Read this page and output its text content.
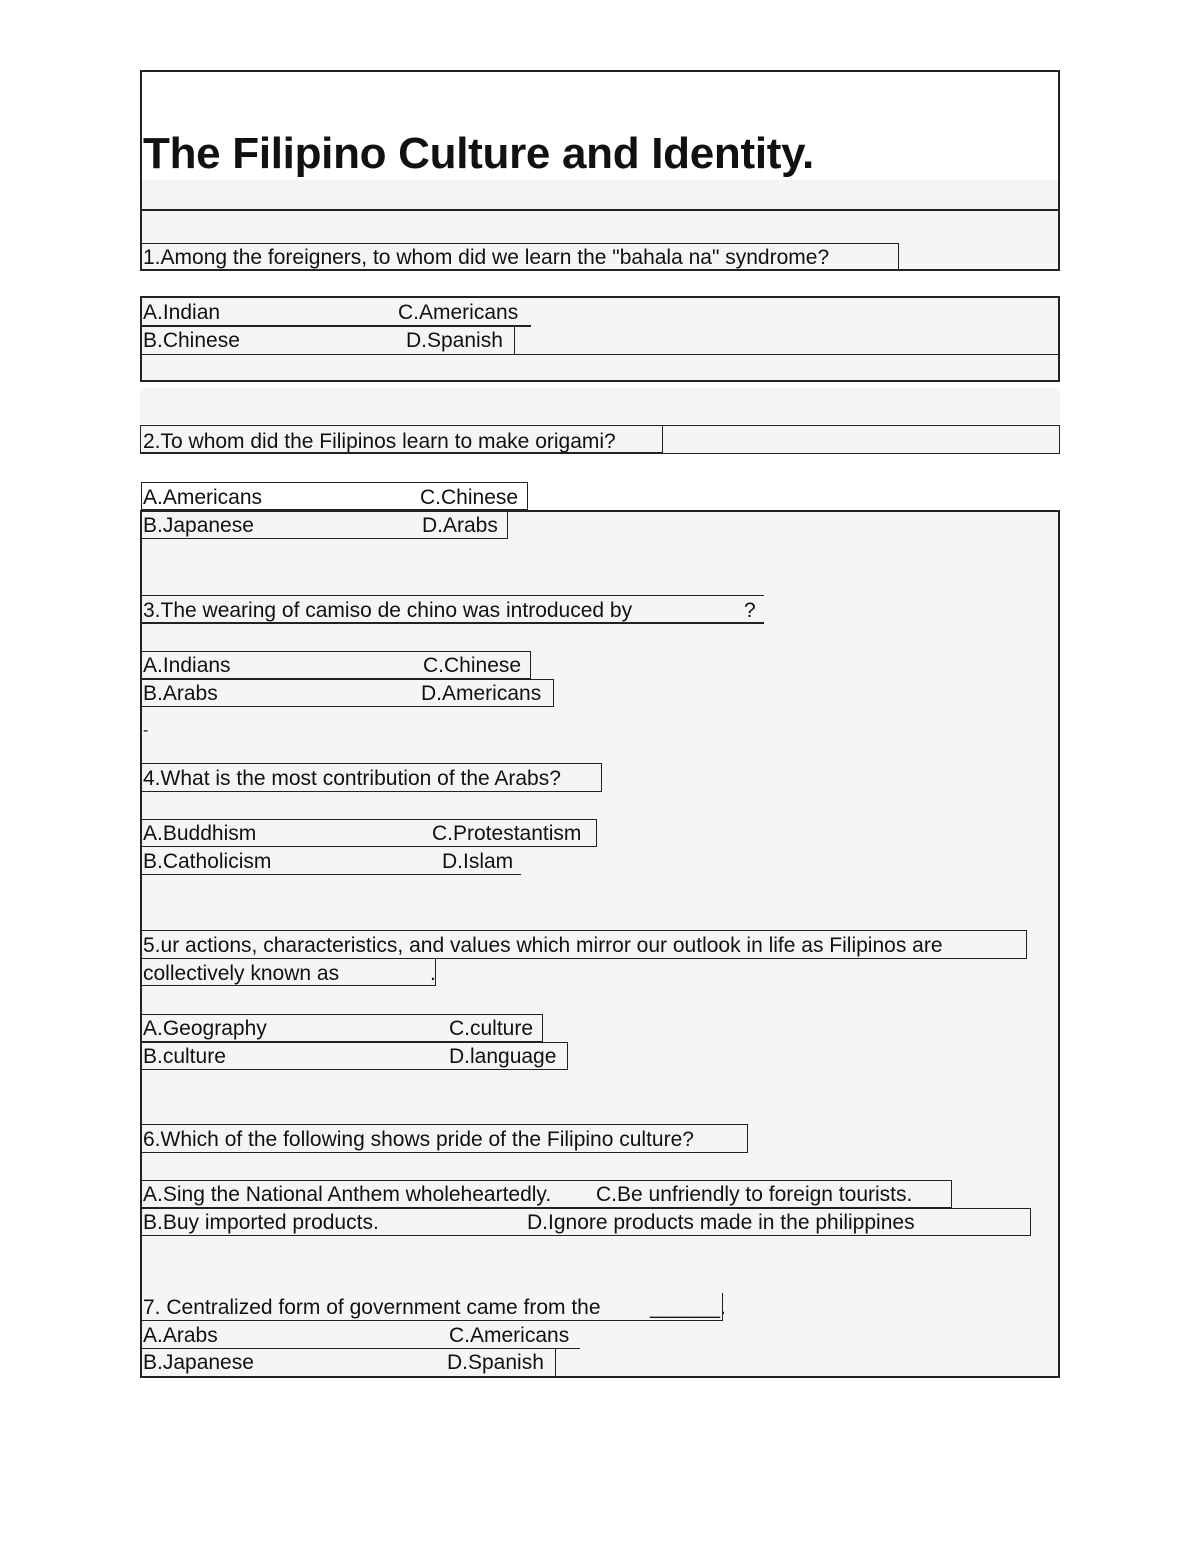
The Filipino Culture and Identity.
1.Among the foreigners, to whom did we learn the "bahala na" syndrome?
A.Indian	C.Americans
B.Chinese	D.Spanish
2.To whom did the Filipinos learn to make origami?
A.Americans	C.Chinese
B.Japanese	D.Arabs
3.The wearing of camiso de chino was introduced by	?
A.Indians	C.Chinese
B.Arabs	D.Americans
-
4.What is the most contribution of the Arabs?
A.Buddhism	C.Protestantism
B.Catholicism	D.Islam
5.ur actions, characteristics, and values which mirror our outlook in life as Filipinos are
collectively known as	.
A.Geography	C.culture
B.culture	D.language
6.Which of the following shows pride of the Filipino culture?
A.Sing the National Anthem wholeheartedly. C.Be unfriendly to foreign tourists.
B.Buy imported products.	D.Ignore products made in the philippines
7. Centralized form of government came from the ______.
A.Arabs	C.Americans
B.Japanese	D.Spanish
